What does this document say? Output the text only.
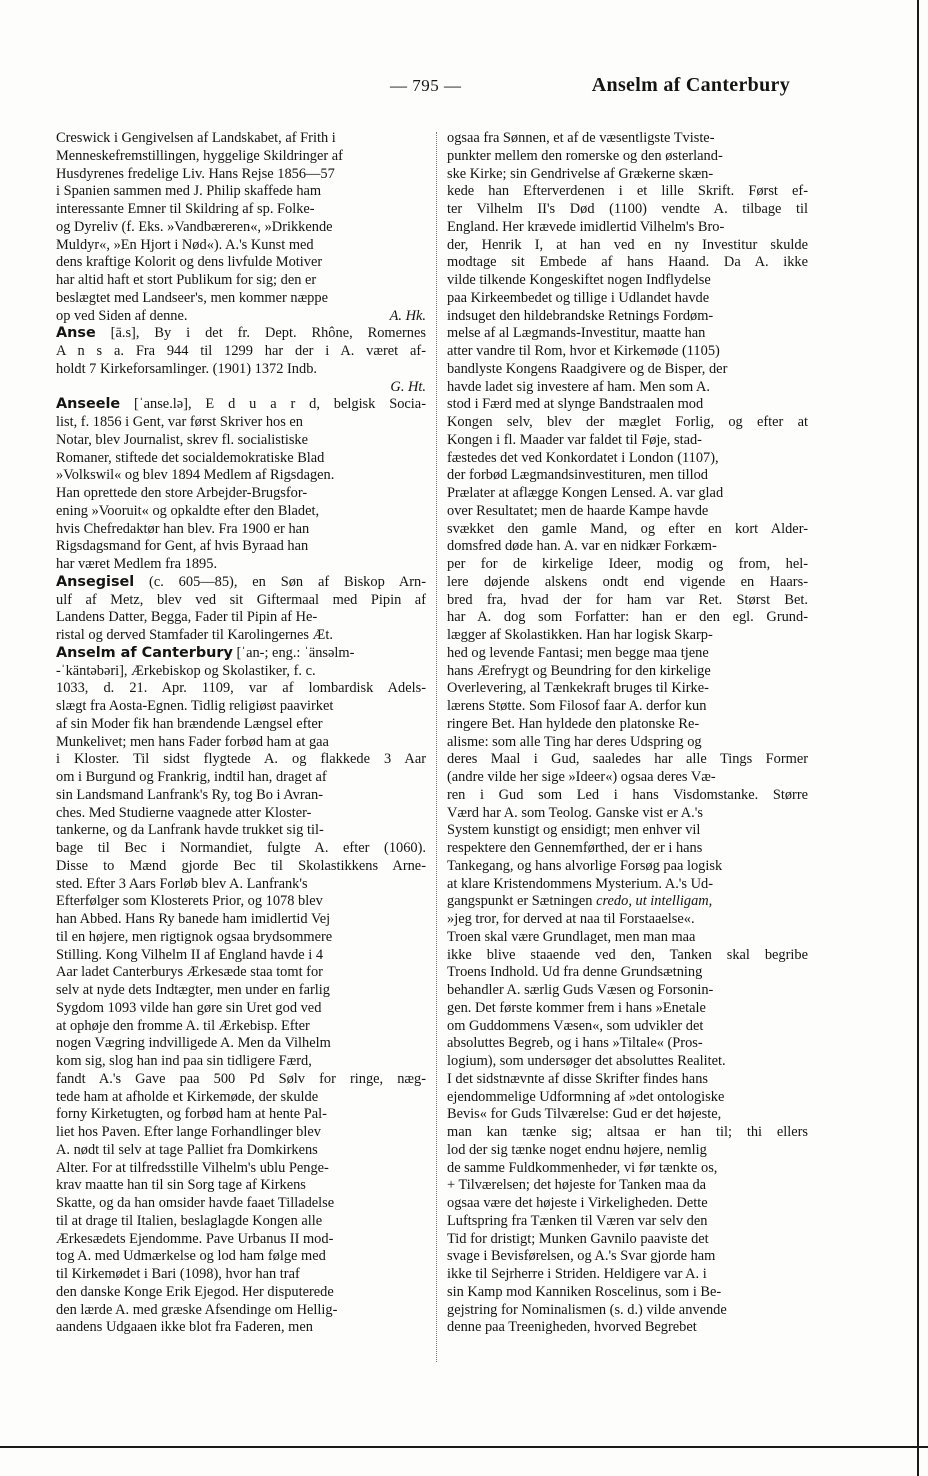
— 795 —	Anselm af Canterbury
Creswick i Gengivelsen af Landskabet, af Frith i
Menneskefremstillingen, hyggelige Skildringer af
Husdyrenes fredelige Liv. Hans Rejse 1856—57
i Spanien sammen med J. Philip skaffede ham
interessante Emner til Skildring af sp. Folke-
og Dyreliv (f. Eks. »Vandbæreren«, »Drikkende
Muldyr«, »En Hjort i Nød«). A.'s Kunst med
dens kraftige Kolorit og dens livfulde Motiver
har altid haft et stort Publikum for sig; den er
beslægtet med Landseer's, men kommer næppe
op ved Siden af denne.	A. Hk.
Anse [ā.s], By i det fr. Dept. Rhône, Romernes
A n s a. Fra 944 til 1299 har der i A. været af-
holdt 7 Kirkeforsamlinger. (1901) 1372 Indb.
G. Ht.
Anseele [ˈanse.lə], E d u a r d, belgisk Socia-
list, f. 1856 i Gent, var først Skriver hos en
Notar, blev Journalist, skrev fl. socialistiske
Romaner, stiftede det socialdemokratiske Blad
»Volkswil« og blev 1894 Medlem af Rigsdagen.
Han oprettede den store Arbejder-Brugsfor-
ening »Vooruit« og opkaldte efter den Bladet,
hvis Chefredaktør han blev. Fra 1900 er han
Rigsdagsmand for Gent, af hvis Byraad han
har været Medlem fra 1895.
Ansegisel (c. 605—85), en Søn af Biskop Arn-
ulf af Metz, blev ved sit Giftermaal med Pipin af
Landens Datter, Begga, Fader til Pipin af He-
ristal og derved Stamfader til Karolingernes Æt.
Anselm af Canterbury [ˈan-; eng.: ˈänsəlm-
-ˈkäntəbəri], Ærkebiskop og Skolastiker, f. c.
1033, d. 21. Apr. 1109, var af lombardisk Adels-
slægt fra Aosta-Egnen. Tidlig religiøst paavirket
af sin Moder fik han brændende Længsel efter
Munkelivet; men hans Fader forbød ham at gaa
i Kloster. Til sidst flygtede A. og flakkede 3 Aar
om i Burgund og Frankrig, indtil han, draget af
sin Landsmand Lanfrank's Ry, tog Bo i Avran-
ches. Med Studierne vaagnede atter Kloster-
tankerne, og da Lanfrank havde trukket sig til-
bage til Bec i Normandiet, fulgte A. efter (1060).
Disse to Mænd gjorde Bec til Skolastikkens Arne-
sted. Efter 3 Aars Forløb blev A. Lanfrank's
Efterfølger som Klosterets Prior, og 1078 blev
han Abbed. Hans Ry banede ham imidlertid Vej
til en højere, men rigtignok ogsaa brydsommere
Stilling. Kong Vilhelm II af England havde i 4
Aar ladet Canterburys Ærkesæde staa tomt for
selv at nyde dets Indtægter, men under en farlig
Sygdom 1093 vilde han gøre sin Uret god ved
at ophøje den fromme A. til Ærkebisp. Efter
nogen Vægring indvilligede A. Men da Vilhelm
kom sig, slog han ind paa sin tidligere Færd,
fandt A.'s Gave paa 500 Pd Sølv for ringe, næg-
tede ham at afholde et Kirkemøde, der skulde
forny Kirketugten, og forbød ham at hente Pal-
liet hos Paven. Efter lange Forhandlinger blev
A. nødt til selv at tage Palliet fra Domkirkens
Alter. For at tilfredsstille Vilhelm's ublu Penge-
krav maatte han til sin Sorg tage af Kirkens
Skatte, og da han omsider havde faaet Tilladelse
til at drage til Italien, beslaglagde Kongen alle
Ærkesædets Ejendomme. Pave Urbanus II mod-
tog A. med Udmærkelse og lod ham følge med
til Kirkemødet i Bari (1098), hvor han traf
den danske Konge Erik Ejegod. Her disputerede
den lærde A. med græske Afsendinge om Hellig-
aandens Udgaaen ikke blot fra Faderen, men
ogsaa fra Sønnen, et af de væsentligste Tviste-
punkter mellem den romerske og den østerland-
ske Kirke; sin Gendrivelse af Grækerne skæn-
kede han Efterverdenen i et lille Skrift. Først ef-
ter Vilhelm II's Død (1100) vendte A. tilbage til
England. Her krævede imidlertid Vilhelm's Bro-
der, Henrik I, at han ved en ny Investitur skulde
modtage sit Embede af hans Haand. Da A. ikke
vilde tilkende Kongeskiftet nogen Indflydelse
paa Kirkeembedet og tillige i Udlandet havde
indsuget den hildebrandske Retnings Fordøm-
melse af al Lægmands-Investitur, maatte han
atter vandre til Rom, hvor et Kirkemøde (1105)
bandlyste Kongens Raadgivere og de Bisper, der
havde ladet sig investere af ham. Men som A.
stod i Færd med at slynge Bandstraalen mod
Kongen selv, blev der mæglet Forlig, og efter at
Kongen i fl. Maader var faldet til Føje, stad-
fæstedes det ved Konkordatet i London (1107),
der forbød Lægmandsinvestituren, men tillod
Prælater at aflægge Kongen Lensed. A. var glad
over Resultatet; men de haarde Kampe havde
svækket den gamle Mand, og efter en kort Alder-
domsfred døde han. A. var en nidkær Forkæm-
per for de kirkelige Ideer, modig og from, hel-
lere døjende alskens ondt end vigende en Haars-
bred fra, hvad der for ham var Ret. Størst Bet.
har A. dog som Forfatter: han er den egl. Grund-
lægger af Skolastikken. Han har logisk Skarp-
hed og levende Fantasi; men begge maa tjene
hans Ærefrygt og Beundring for den kirkelige
Overlevering, al Tænkekraft bruges til Kirke-
lærens Støtte. Som Filosof faar A. derfor kun
ringere Bet. Han hyldede den platonske Re-
alisme: som alle Ting har deres Udspring og
deres Maal i Gud, saaledes har alle Tings Former
(andre vilde her sige »Ideer«) ogsaa deres Væ-
ren i Gud som Led i hans Visdomstanke. Større
Værd har A. som Teolog. Ganske vist er A.'s
System kunstigt og ensidigt; men enhver vil
respektere den Gennemførthed, der er i hans
Tankegang, og hans alvorlige Forsøg paa logisk
at klare Kristendommens Mysterium. A.'s Ud-
gangspunkt er Sætningen credo, ut intelligam,
»jeg tror, for derved at naa til Forstaaelse«.
Troen skal være Grundlaget, men man maa
ikke blive staaende ved den, Tanken skal begribe
Troens Indhold. Ud fra denne Grundsætning
behandler A. særlig Guds Væsen og Forsonin-
gen. Det første kommer frem i hans »Enetale
om Guddommens Væsen«, som udvikler det
absoluttes Begreb, og i hans »Tiltale« (Pros-
logium), som undersøger det absoluttes Realitet.
I det sidstnævnte af disse Skrifter findes hans
ejendommelige Udformning af »det ontologiske
Bevis« for Guds Tilværelse: Gud er det højeste,
man kan tænke sig; altsaa er han til; thi ellers
lod der sig tænke noget endnu højere, nemlig
de samme Fuldkommenheder, vi før tænkte os,
+ Tilværelsen; det højeste for Tanken maa da
ogsaa være det højeste i Virkeligheden. Dette
Luftspring fra Tænken til Væren var selv den
Tid for dristigt; Munken Gavnilo paaviste det
svage i Bevisførelsen, og A.'s Svar gjorde ham
ikke til Sejrherre i Striden. Heldigere var A. i
sin Kamp mod Kanniken Roscelinus, som i Be-
gejstring for Nominalismen (s. d.) vilde anvende
denne paa Treenigheden, hvorved Begrebet
